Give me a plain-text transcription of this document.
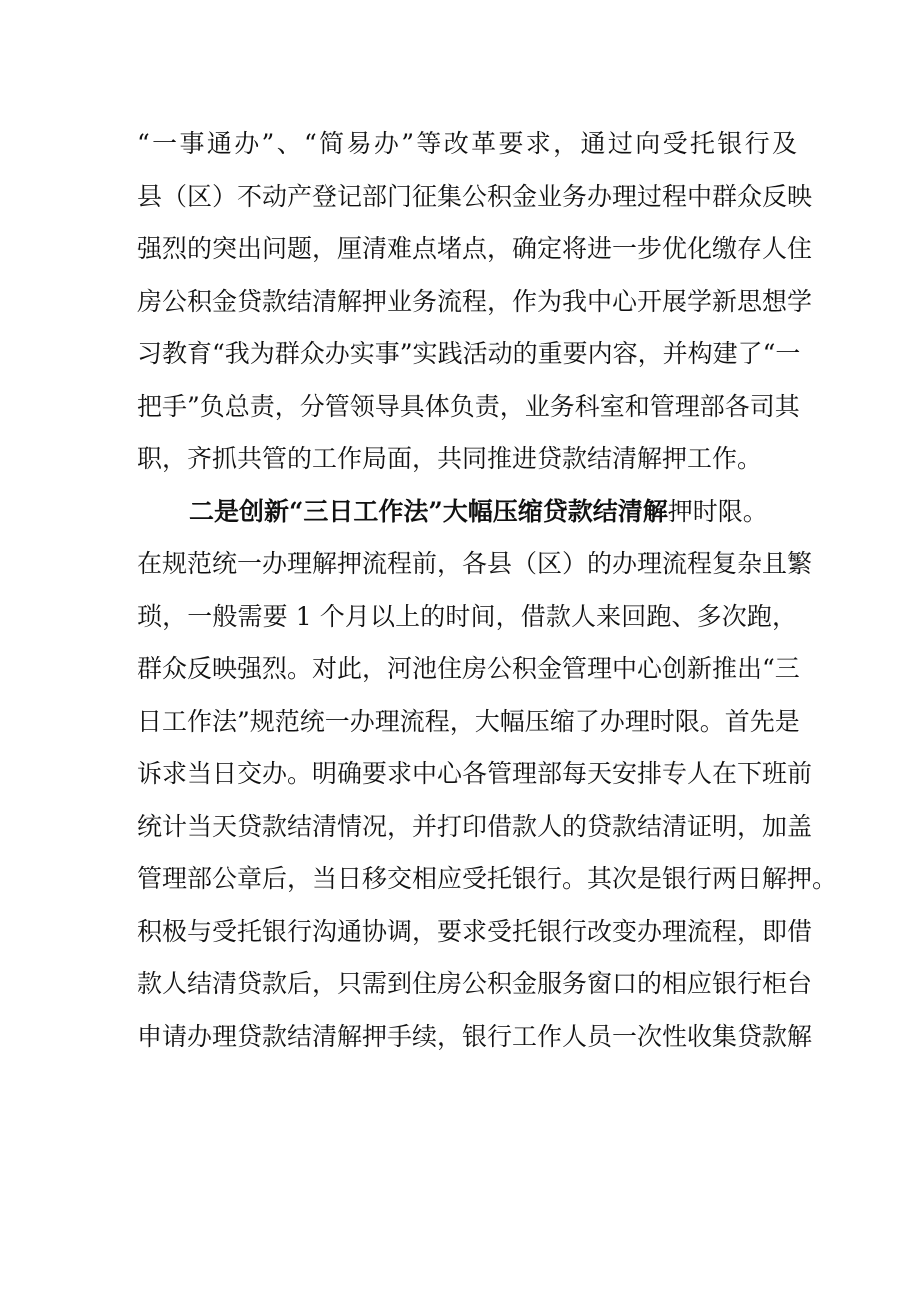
“一事通办”、“简易办”等改革要求，通过向受托银行及
县（区）不动产登记部门征集公积金业务办理过程中群众反映
强烈的突出问题，厘清难点堵点，确定将进一步优化缴存人住
房公积金贷款结清解押业务流程，作为我中心开展学新思想学
习教育“我为群众办实事”实践活动的重要内容，并构建了“一
把手”负总责，分管领导具体负责，业务科室和管理部各司其
职，齐抓共管的工作局面，共同推进贷款结清解押工作。
二是创新“三日工作法”大幅压缩贷款结清解押时限。
在规范统一办理解押流程前，各县（区）的办理流程复杂且繁
琐，一般需要 1 个月以上的时间，借款人来回跑、多次跑，
群众反映强烈。对此，河池住房公积金管理中心创新推出“三
日工作法”规范统一办理流程，大幅压缩了办理时限。首先是
诉求当日交办。明确要求中心各管理部每天安排专人在下班前
统计当天贷款结清情况，并打印借款人的贷款结清证明，加盖
管理部公章后，当日移交相应受托银行。其次是银行两日解押。
积极与受托银行沟通协调，要求受托银行改变办理流程，即借
款人结清贷款后，只需到住房公积金服务窗口的相应银行柜台
申请办理贷款结清解押手续，银行工作人员一次性收集贷款解
